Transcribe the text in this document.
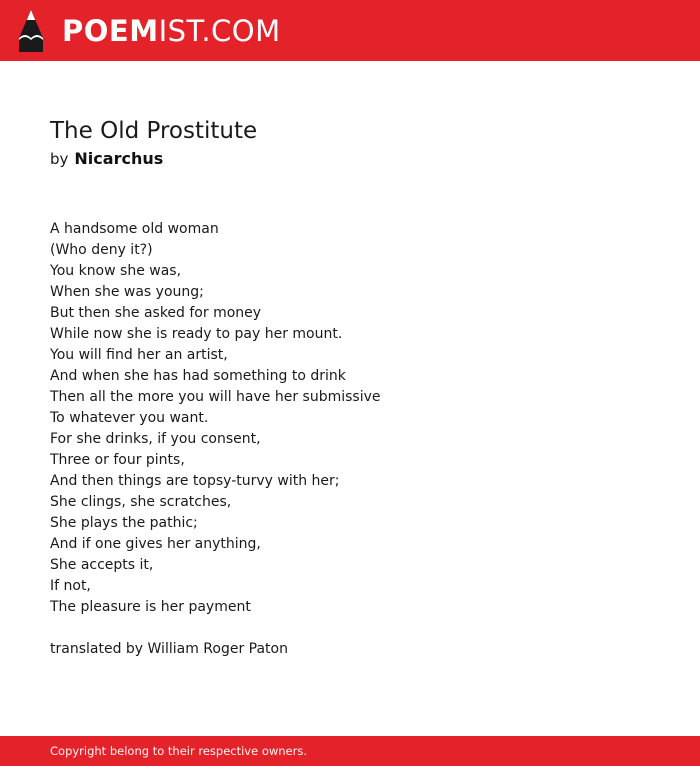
POEM IST.COM
The Old Prostitute
by Nicarchus
A handsome old woman
(Who deny it?)
You know she was,
When she was young;
But then she asked for money
While now she is ready to pay her mount.
You will find her an artist,
And when she has had something to drink
Then all the more you will have her submissive
To whatever you want.
For she drinks, if you consent,
Three or four pints,
And then things are topsy-turvy with her;
She clings, she scratches,
She plays the pathic;
And if one gives her anything,
She accepts it,
If not,
The pleasure is her payment

translated by William Roger Paton

Copyright belong to their respective owners.
